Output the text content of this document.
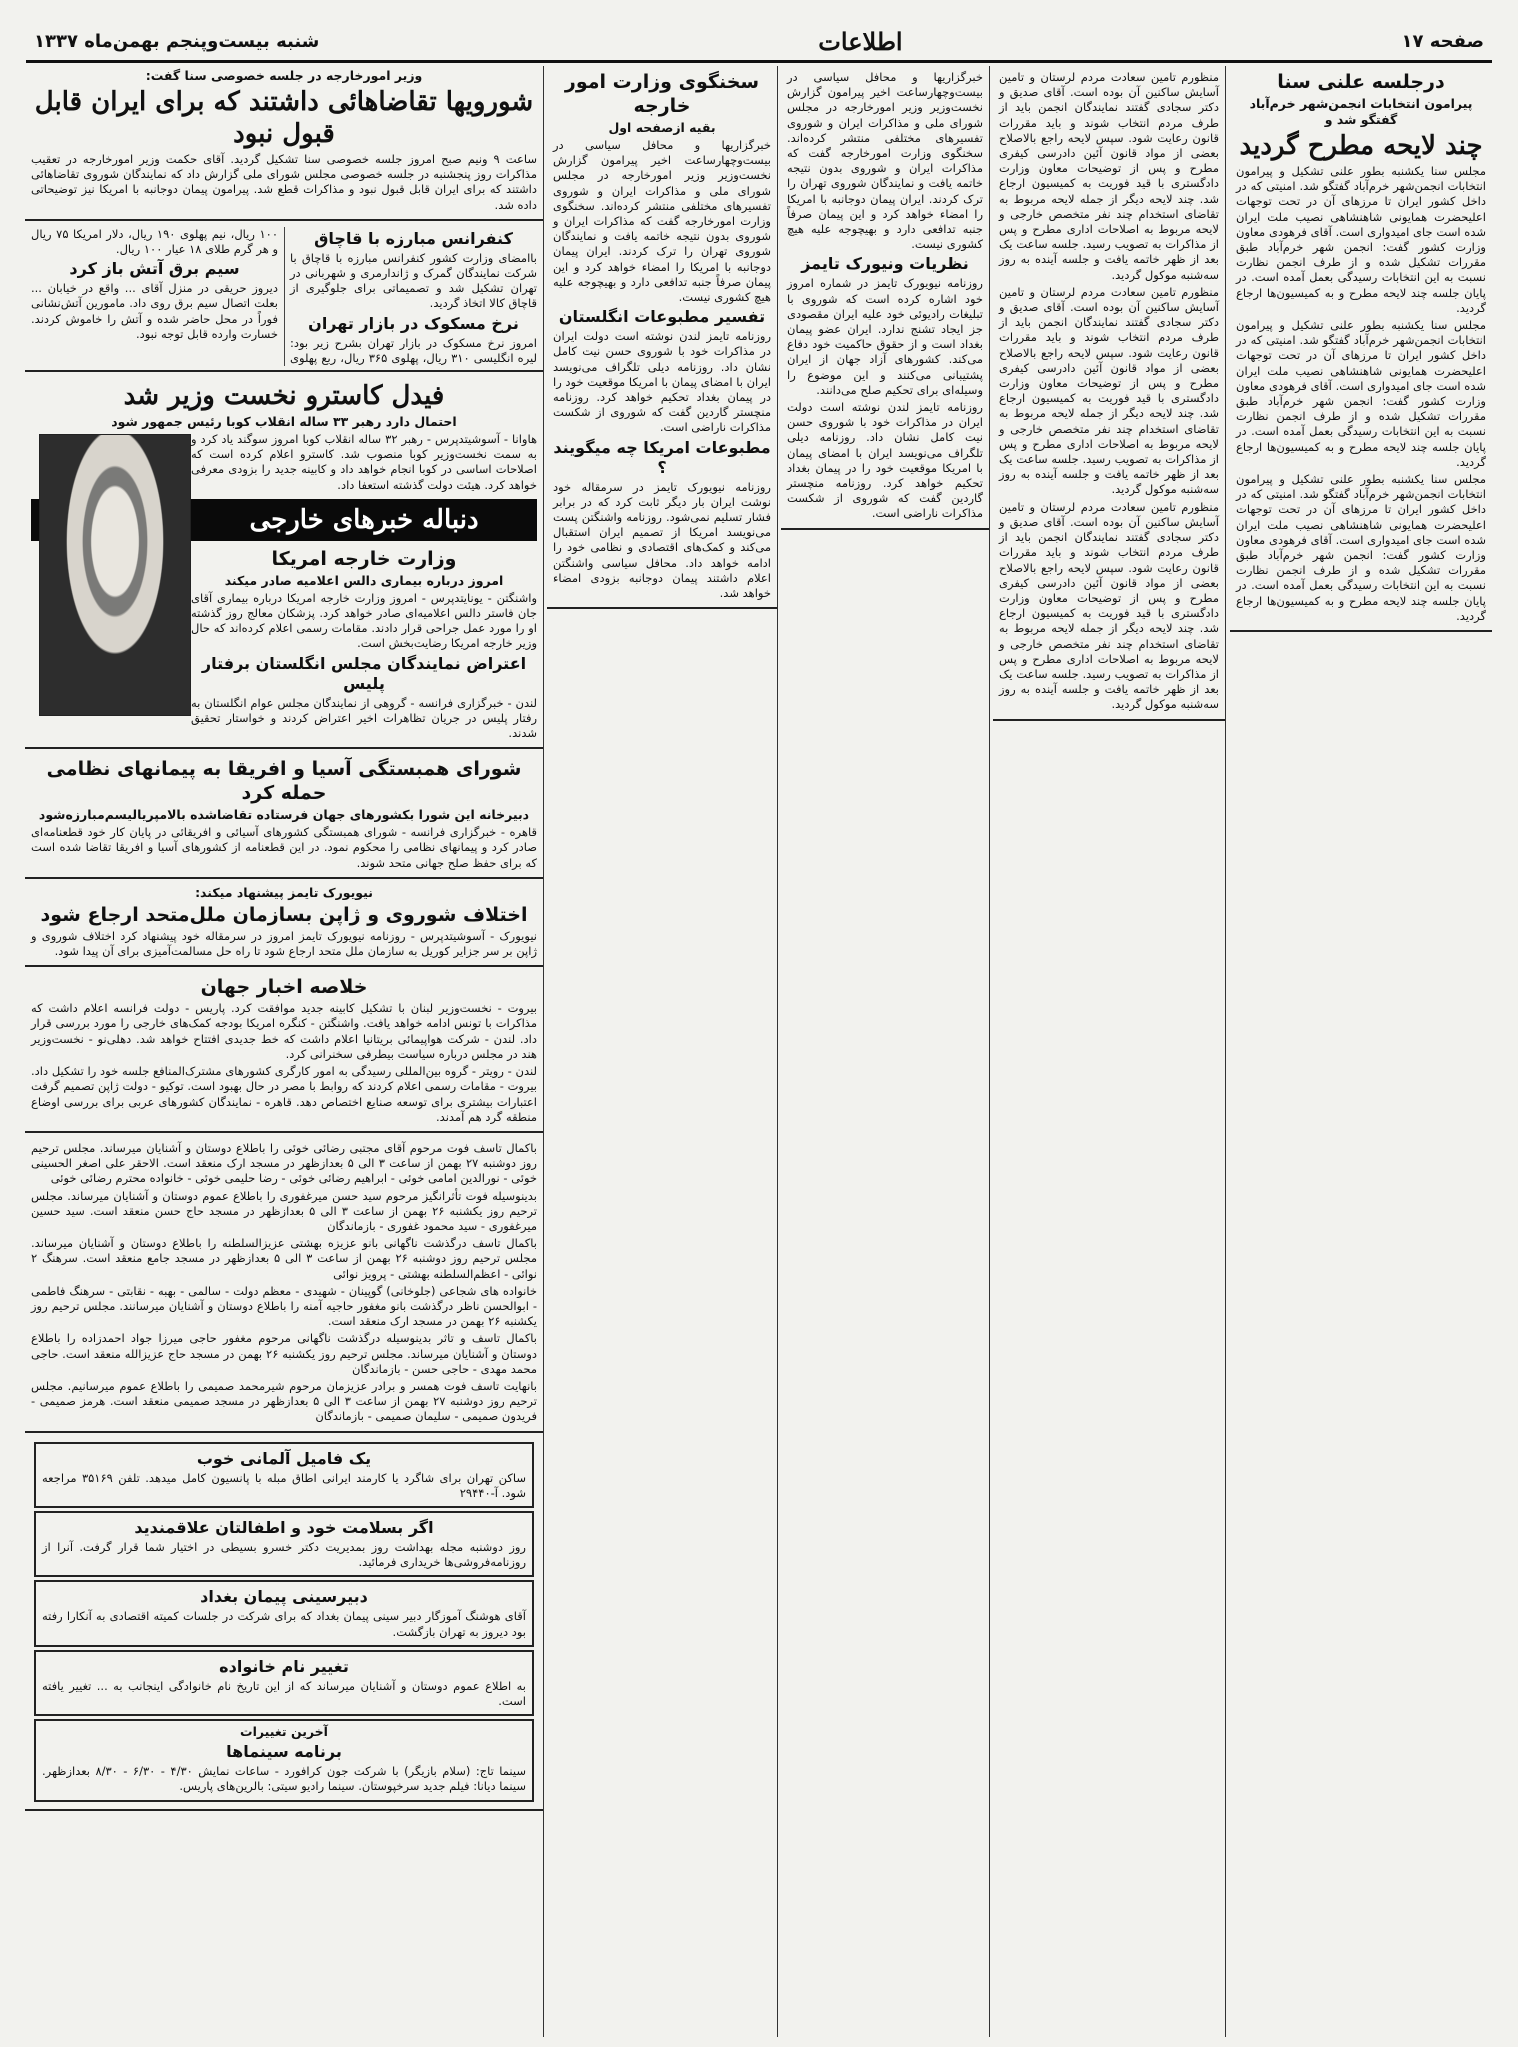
صفحه ۱۷
اطلاعات
شنبه بیست‌وپنجم بهمن‌ماه ۱۳۳۷
درجلسه علنی سنا
پیرامون انتخابات انجمن‌شهر خرم‌آباد گفتگو شد و
چند لایحه مطرح گردید
مجلس سنا یکشنبه بطور علنی تشکیل و پیرامون انتخابات انجمن‌شهر خرم‌آباد گفتگو شد. امنیتی که در داخل کشور ایران تا مرزهای آن در تحت توجهات اعلیحضرت همایونی شاهنشاهی نصیب ملت ایران شده است جای امیدواری است. آقای فرهودی معاون وزارت کشور گفت: انجمن شهر خرم‌آباد طبق مقررات تشکیل شده و از طرف انجمن نظارت نسبت به این انتخابات رسیدگی بعمل آمده است. در پایان جلسه چند لایحه مطرح و به کمیسیون‌ها ارجاع گردید.
مجلس سنا یکشنبه بطور علنی تشکیل و پیرامون انتخابات انجمن‌شهر خرم‌آباد گفتگو شد. امنیتی که در داخل کشور ایران تا مرزهای آن در تحت توجهات اعلیحضرت همایونی شاهنشاهی نصیب ملت ایران شده است جای امیدواری است. آقای فرهودی معاون وزارت کشور گفت: انجمن شهر خرم‌آباد طبق مقررات تشکیل شده و از طرف انجمن نظارت نسبت به این انتخابات رسیدگی بعمل آمده است. در پایان جلسه چند لایحه مطرح و به کمیسیون‌ها ارجاع گردید.
مجلس سنا یکشنبه بطور علنی تشکیل و پیرامون انتخابات انجمن‌شهر خرم‌آباد گفتگو شد. امنیتی که در داخل کشور ایران تا مرزهای آن در تحت توجهات اعلیحضرت همایونی شاهنشاهی نصیب ملت ایران شده است جای امیدواری است. آقای فرهودی معاون وزارت کشور گفت: انجمن شهر خرم‌آباد طبق مقررات تشکیل شده و از طرف انجمن نظارت نسبت به این انتخابات رسیدگی بعمل آمده است. در پایان جلسه چند لایحه مطرح و به کمیسیون‌ها ارجاع گردید.
منظورم تامین سعادت مردم لرستان و تامین آسایش ساکنین آن بوده است. آقای صدیق و دکتر سجادی گفتند نمایندگان انجمن باید از طرف مردم انتخاب شوند و باید مقررات قانون رعایت شود. سپس لایحه راجع بالاصلاح بعضی از مواد قانون آئین دادرسی کیفری مطرح و پس از توضیحات معاون وزارت دادگستری با قید فوریت به کمیسیون ارجاع شد. چند لایحه دیگر از جمله لایحه مربوط به تقاضای استخدام چند نفر متخصص خارجی و لایحه مربوط به اصلاحات اداری مطرح و پس از مذاکرات به تصویب رسید. جلسه ساعت یک بعد از ظهر خاتمه یافت و جلسه آینده به روز سه‌شنبه موکول گردید.
منظورم تامین سعادت مردم لرستان و تامین آسایش ساکنین آن بوده است. آقای صدیق و دکتر سجادی گفتند نمایندگان انجمن باید از طرف مردم انتخاب شوند و باید مقررات قانون رعایت شود. سپس لایحه راجع بالاصلاح بعضی از مواد قانون آئین دادرسی کیفری مطرح و پس از توضیحات معاون وزارت دادگستری با قید فوریت به کمیسیون ارجاع شد. چند لایحه دیگر از جمله لایحه مربوط به تقاضای استخدام چند نفر متخصص خارجی و لایحه مربوط به اصلاحات اداری مطرح و پس از مذاکرات به تصویب رسید. جلسه ساعت یک بعد از ظهر خاتمه یافت و جلسه آینده به روز سه‌شنبه موکول گردید.
منظورم تامین سعادت مردم لرستان و تامین آسایش ساکنین آن بوده است. آقای صدیق و دکتر سجادی گفتند نمایندگان انجمن باید از طرف مردم انتخاب شوند و باید مقررات قانون رعایت شود. سپس لایحه راجع بالاصلاح بعضی از مواد قانون آئین دادرسی کیفری مطرح و پس از توضیحات معاون وزارت دادگستری با قید فوریت به کمیسیون ارجاع شد. چند لایحه دیگر از جمله لایحه مربوط به تقاضای استخدام چند نفر متخصص خارجی و لایحه مربوط به اصلاحات اداری مطرح و پس از مذاکرات به تصویب رسید. جلسه ساعت یک بعد از ظهر خاتمه یافت و جلسه آینده به روز سه‌شنبه موکول گردید.
خبرگزاریها و محافل سیاسی در بیست‌وچهارساعت اخیر پیرامون گزارش نخست‌وزیر وزیر امورخارجه در مجلس شورای ملی و مذاکرات ایران و شوروی تفسیرهای مختلفی منتشر کرده‌اند. سخنگوی وزارت امورخارجه گفت که مذاکرات ایران و شوروی بدون نتیجه خاتمه یافت و نمایندگان شوروی تهران را ترک کردند. ایران پیمان دوجانبه با امریکا را امضاء خواهد کرد و این پیمان صرفاً جنبه تدافعی دارد و بهیچوجه علیه هیچ کشوری نیست.
نظریات ونیورک تایمز
روزنامه نیویورک تایمز در شماره امروز خود اشاره کرده است که شوروی با تبلیغات رادیوئی خود علیه ایران مقصودی جز ایجاد تشنج ندارد. ایران عضو پیمان بغداد است و از حقوق حاکمیت خود دفاع می‌کند. کشورهای آزاد جهان از ایران پشتیبانی می‌کنند و این موضوع را وسیله‌ای برای تحکیم صلح می‌دانند.
روزنامه تایمز لندن نوشته است دولت ایران در مذاکرات خود با شوروی حسن نیت کامل نشان داد. روزنامه دیلی تلگراف می‌نویسد ایران با امضای پیمان با امریکا موقعیت خود را در پیمان بغداد تحکیم خواهد کرد. روزنامه منچستر گاردین گفت که شوروی از شکست مذاکرات ناراضی است.
سخنگوی وزارت امور خارجه
بقیه ازصفحه اول
خبرگزاریها و محافل سیاسی در بیست‌وچهارساعت اخیر پیرامون گزارش نخست‌وزیر وزیر امورخارجه در مجلس شورای ملی و مذاکرات ایران و شوروی تفسیرهای مختلفی منتشر کرده‌اند. سخنگوی وزارت امورخارجه گفت که مذاکرات ایران و شوروی بدون نتیجه خاتمه یافت و نمایندگان شوروی تهران را ترک کردند. ایران پیمان دوجانبه با امریکا را امضاء خواهد کرد و این پیمان صرفاً جنبه تدافعی دارد و بهیچوجه علیه هیچ کشوری نیست.
تفسیر مطبوعات انگلستان
روزنامه تایمز لندن نوشته است دولت ایران در مذاکرات خود با شوروی حسن نیت کامل نشان داد. روزنامه دیلی تلگراف می‌نویسد ایران با امضای پیمان با امریکا موقعیت خود را در پیمان بغداد تحکیم خواهد کرد. روزنامه منچستر گاردین گفت که شوروی از شکست مذاکرات ناراضی است.
مطبوعات امریکا چه میگویند ؟
روزنامه نیویورک تایمز در سرمقاله خود نوشت ایران بار دیگر ثابت کرد که در برابر فشار تسلیم نمی‌شود. روزنامه واشنگتن پست می‌نویسد امریکا از تصمیم ایران استقبال می‌کند و کمک‌های اقتصادی و نظامی خود را ادامه خواهد داد. محافل سیاسی واشنگتن اعلام داشتند پیمان دوجانبه بزودی امضاء خواهد شد.
وزیر امورخارجه در جلسه خصوصی سنا گفت:
شورویها تقاضاهائی داشتند که برای ایران قابل قبول نبود
ساعت ۹ ونیم صبح امروز جلسه خصوصی سنا تشکیل گردید. آقای حکمت وزیر امورخارجه در تعقیب مذاکرات روز پنجشنبه در جلسه خصوصی مجلس شورای ملی گزارش داد که نمایندگان شوروی تقاضاهائی داشتند که برای ایران قابل قبول نبود و مذاکرات قطع شد. پیرامون پیمان دوجانبه با امریکا نیز توضیحاتی داده شد.
کنفرانس مبارزه با قاچاق
باامضای وزارت کشور کنفرانس مبارزه با قاچاق با شرکت نمایندگان گمرک و ژاندارمری و شهربانی در تهران تشکیل شد و تصمیماتی برای جلوگیری از قاچاق کالا اتخاذ گردید.
نرخ مسکوک در بازار تهران
امروز نرخ مسکوک در بازار تهران بشرح زیر بود: لیره انگلیسی ۳۱۰ ریال، پهلوی ۳۶۵ ریال، ربع پهلوی ۱۰۰ ریال، نیم پهلوی ۱۹۰ ریال، دلار امریکا ۷۵ ریال و هر گرم طلای ۱۸ عیار ۱۰۰ ریال.
سیم برق آتش باز کرد
دیروز حریقی در منزل آقای ... واقع در خیابان ... بعلت اتصال سیم برق روی داد. مامورین آتش‌نشانی فوراً در محل حاضر شده و آتش را خاموش کردند. خسارت وارده قابل توجه نبود.
فیدل کاسترو نخست وزیر شد
احتمال دارد رهبر ۳۳ ساله انقلاب کوبا رئیس جمهور شود
هاوانا - آسوشیتدپرس - رهبر ۳۲ ساله انقلاب کوبا امروز سوگند یاد کرد و به سمت نخست‌وزیر کوبا منصوب شد. کاسترو اعلام کرده است که اصلاحات اساسی در کوبا انجام خواهد داد و کابینه جدید را بزودی معرفی خواهد کرد. هیئت دولت گذشته استعفا داد.
دنباله خبرهای خارجی
وزارت خارجه امریکا
امروز درباره بیماری دالس اعلامیه صادر میکند
واشنگتن - یونایتدپرس - امروز وزارت خارجه امریکا درباره بیماری آقای جان فاستر دالس اعلامیه‌ای صادر خواهد کرد. پزشکان معالج روز گذشته او را مورد عمل جراحی قرار دادند. مقامات رسمی اعلام کرده‌اند که حال وزیر خارجه امریکا رضایت‌بخش است.
اعتراض نمایندگان مجلس انگلستان برفتار پلیس
لندن - خبرگزاری فرانسه - گروهی از نمایندگان مجلس عوام انگلستان به رفتار پلیس در جریان تظاهرات اخیر اعتراض کردند و خواستار تحقیق شدند.
شورای همبستگی آسیا و افریقا به پیمانهای نظامی حمله کرد
دبیرخانه این شورا بکشورهای جهان فرستاده تقاضاشده بالامپریالیسم‌مبارزه‌شود
قاهره - خبرگزاری فرانسه - شورای همبستگی کشورهای آسیائی و افریقائی در پایان کار خود قطعنامه‌ای صادر کرد و پیمانهای نظامی را محکوم نمود. در این قطعنامه از کشورهای آسیا و افریقا تقاضا شده است که برای حفظ صلح جهانی متحد شوند.
نیویورک تایمز پیشنهاد میکند:
اختلاف شوروی و ژاپن بسازمان ملل‌متحد ارجاع شود
نیویورک - آسوشیتدپرس - روزنامه نیویورک تایمز امروز در سرمقاله خود پیشنهاد کرد اختلاف شوروی و ژاپن بر سر جزایر کوریل به سازمان ملل متحد ارجاع شود تا راه حل مسالمت‌آمیزی برای آن پیدا شود.
خلاصه اخبار جهان
بیروت - نخست‌وزیر لبنان با تشکیل کابینه جدید موافقت کرد. پاریس - دولت فرانسه اعلام داشت که مذاکرات با تونس ادامه خواهد یافت. واشنگتن - کنگره امریکا بودجه کمک‌های خارجی را مورد بررسی قرار داد. لندن - شرکت هواپیمائی بریتانیا اعلام داشت که خط جدیدی افتتاح خواهد شد. دهلی‌نو - نخست‌وزیر هند در مجلس درباره سیاست بیطرفی سخنرانی کرد.
لندن - رویتر - گروه بین‌المللی رسیدگی به امور کارگری کشورهای مشترک‌المنافع جلسه خود را تشکیل داد. بیروت - مقامات رسمی اعلام کردند که روابط با مصر در حال بهبود است. توکیو - دولت ژاپن تصمیم گرفت اعتبارات بیشتری برای توسعه صنایع اختصاص دهد. قاهره - نمایندگان کشورهای عربی برای بررسی اوضاع منطقه گرد هم آمدند.
باکمال تاسف فوت مرحوم آقای مجتبی رضائی خوئی را باطلاع دوستان و آشنایان میرساند. مجلس ترحیم روز دوشنبه ۲۷ بهمن از ساعت ۳ الی ۵ بعدازظهر در مسجد ارک منعقد است. الاحقر علی اصغر الحسینی خوئی - نورالدین امامی خوئی - ابراهیم رضائی خوئی - رضا حلیمی خوئی - خانواده محترم رضائی خوئی
بدینوسیله فوت تأثرانگیز مرحوم سید حسن میرغفوری را باطلاع عموم دوستان و آشنایان میرساند. مجلس ترحیم روز یکشنبه ۲۶ بهمن از ساعت ۳ الی ۵ بعدازظهر در مسجد حاج حسن منعقد است. سید حسین میرغفوری - سید محمود غفوری - بازماندگان
باکمال تاسف درگذشت ناگهانی بانو عزیزه بهشتی عزیزالسلطنه را باطلاع دوستان و آشنایان میرساند. مجلس ترحیم روز دوشنبه ۲۶ بهمن از ساعت ۳ الی ۵ بعدازظهر در مسجد جامع منعقد است. سرهنگ ۲ نوائی - اعظم‌السلطنه بهشتی - پرویز نوائی
خانواده های شجاعی (جلوخانی) گوپینان - شهیدی - معظم دولت - سالمی - بهبه - نقابتی - سرهنگ فاطمی - ابوالحسن ناظر درگذشت بانو مغفور حاجیه آمنه را باطلاع دوستان و آشنایان میرسانند. مجلس ترحیم روز یکشنبه ۲۶ بهمن در مسجد ارک منعقد است.
باکمال تاسف و تاثر بدینوسیله درگذشت ناگهانی مرحوم مغفور حاجی میرزا جواد احمدزاده را باطلاع دوستان و آشنایان میرساند. مجلس ترحیم روز یکشنبه ۲۶ بهمن در مسجد حاج عزیزالله منعقد است. حاجی محمد مهدی - حاجی حسن - بازماندگان
بانهایت تاسف فوت همسر و برادر عزیزمان مرحوم شیرمحمد صمیمی را باطلاع عموم میرسانیم. مجلس ترحیم روز دوشنبه ۲۷ بهمن از ساعت ۳ الی ۵ بعدازظهر در مسجد صمیمی منعقد است. هرمز صمیمی - فریدون صمیمی - سلیمان صمیمی - بازماندگان
یک فامیل آلمانی خوب
ساکن تهران برای شاگرد یا کارمند ایرانی اطاق مبله با پانسیون کامل میدهد. تلفن ۳۵۱۶۹ مراجعه شود. آ-۲۹۴۴۰
اگر بسلامت خود و اطفالتان علاقمندید
روز دوشنبه مجله بهداشت روز بمدیریت دکتر خسرو بسیطی در اختیار شما قرار گرفت. آنرا از روزنامه‌فروشی‌ها خریداری فرمائید.
دبیرسینی پیمان بغداد
آقای هوشنگ آموزگار دبیر سینی پیمان بغداد که برای شرکت در جلسات کمیته اقتصادی به آنکارا رفته بود دیروز به تهران بازگشت.
تغییر نام خانواده
به اطلاع عموم دوستان و آشنایان میرساند که از این تاریخ نام خانوادگی اینجانب به ... تغییر یافته است.
آخرین تغییرات
برنامه سینماها
سینما تاج: (سلام بازیگر) با شرکت جون کرافورد - ساعات نمایش ۴/۳۰ - ۶/۳۰ - ۸/۳۰ بعدازظهر. سینما دیانا: فیلم جدید سرخپوستان. سینما رادیو سیتی: بالرین‌های پاریس.
